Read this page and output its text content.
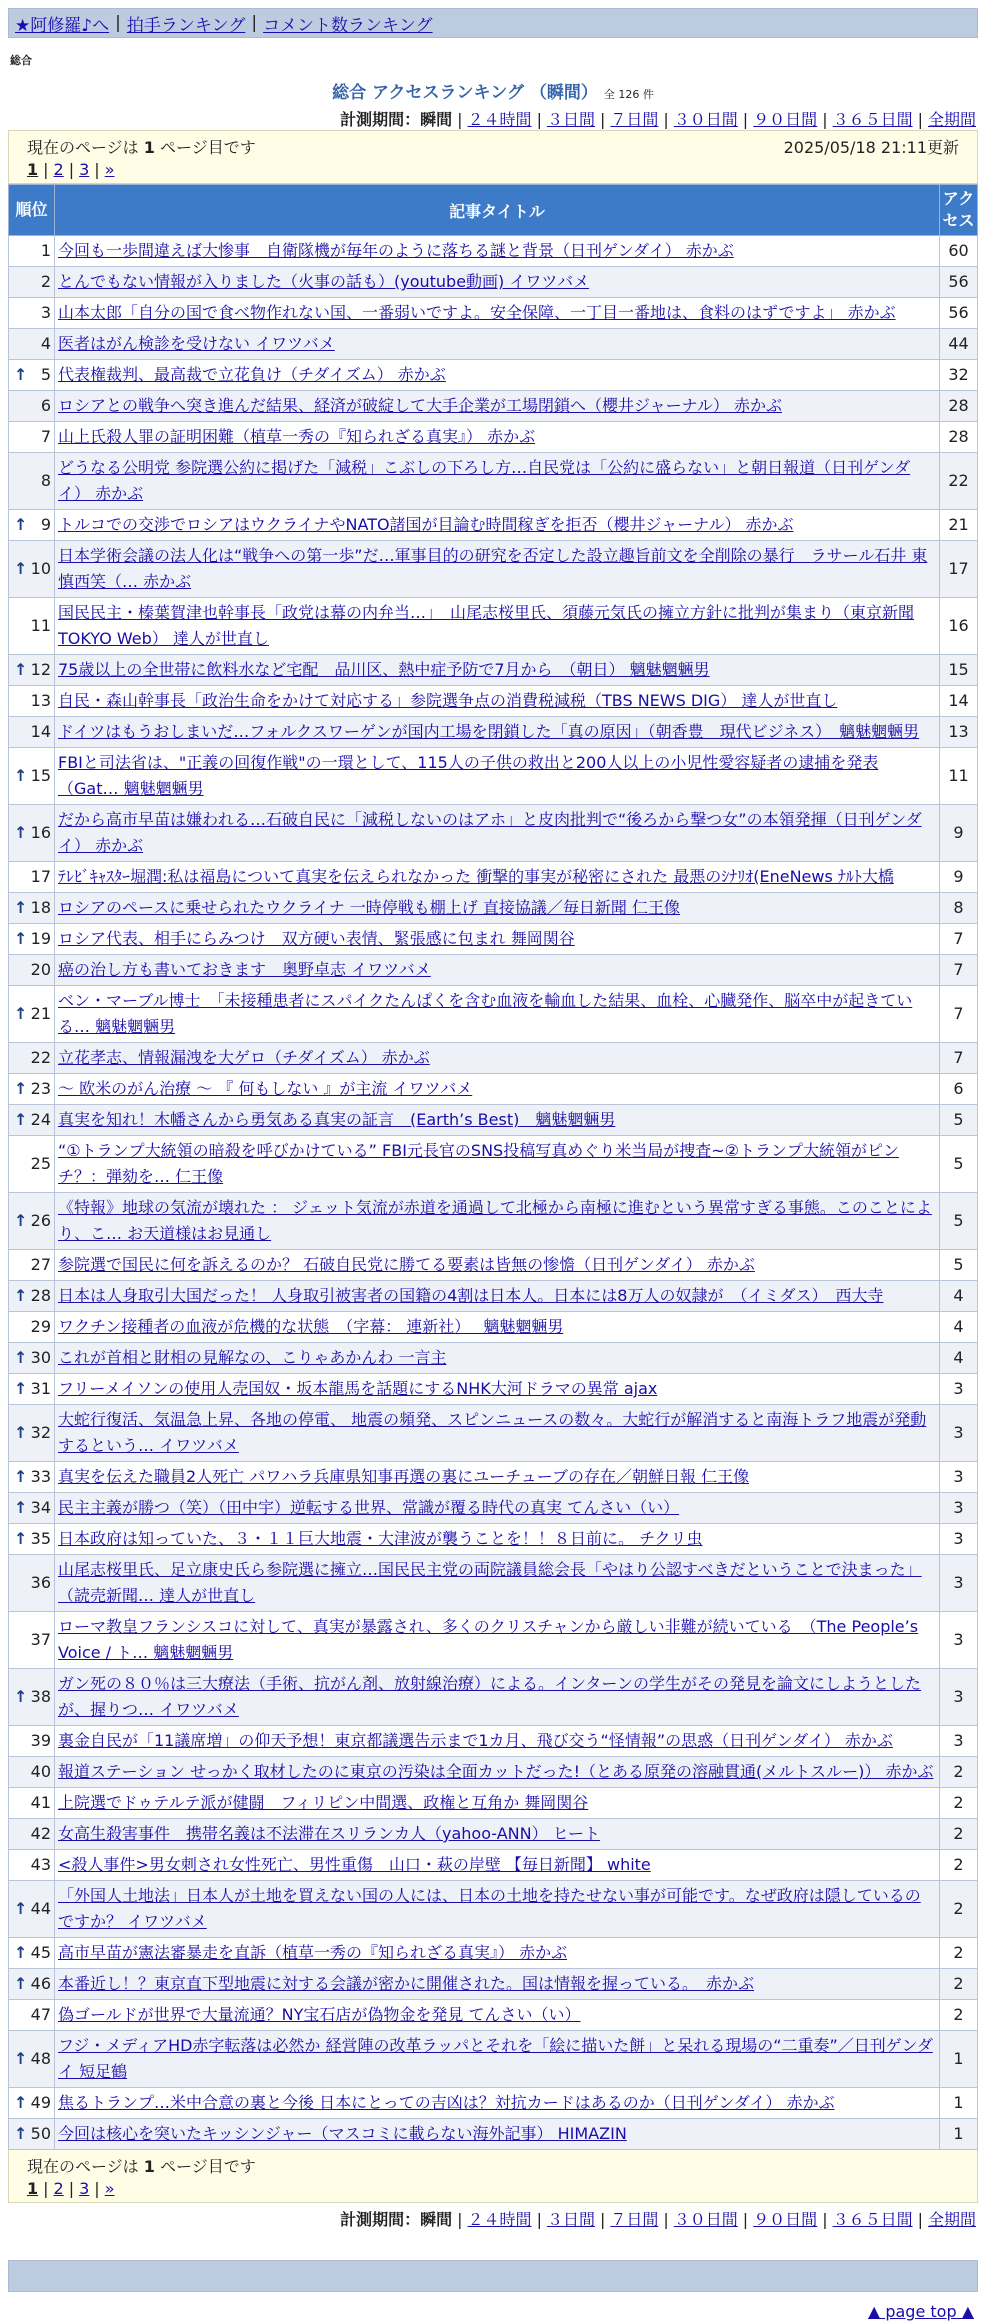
★阿修羅♪へ | 拍手ランキング | コメント数ランキング
総合
総合 アクセスランキング （瞬間） 全 126 件
計測期間：瞬間 | ２４時間 | ３日間 | ７日間 | ３０日間 | ９０日間 | ３６５日間 | 全期間
現在のページは 1 ページ目です	2025/05/18 21:11更新
1 | 2 | 3 | »
順位	記事タイトル	アクセス
1	今回も一歩間違えば大惨事　自衛隊機が毎年のように落ちる謎と背景（日刊ゲンダイ） 赤かぶ	60
2	とんでもない情報が入りました（火事の話も）(youtube動画) イワツバメ	56
3	山本太郎「自分の国で食べ物作れない国、一番弱いですよ。安全保障、一丁目一番地は、食料のはずですよ」 赤かぶ	56
4	医者はがん検診を受けない イワツバメ	44

↑ 5	代表権裁判、最高裁で立花負け（チダイズム） 赤かぶ	32
6	ロシアとの戦争へ突き進んだ結果、経済が破綻して大手企業が工場閉鎖へ（櫻井ジャーナル） 赤かぶ	28
7	山上氏殺人罪の証明困難（植草一秀の『知られざる真実』） 赤かぶ	28
8	どうなる公明党 参院選公約に掲げた「減税」こぶしの下ろし方…自民党は「公約に盛らない」と朝日報道（日刊ゲンダイ） 赤かぶ	22

↑ 9	トルコでの交渉でロシアはウクライナやNATO諸国が目論む時間稼ぎを拒否（櫻井ジャーナル） 赤かぶ	21

↑ 10	日本学術会議の法人化は“戦争への第一歩”だ…軍事目的の研究を否定した設立趣旨前文を全削除の暴行　ラサール石井 東慎西笑（… 赤かぶ	17
11	国民民主・榛葉賀津也幹事長「政党は幕の内弁当…」　山尾志桜里氏、須藤元気氏の擁立方針に批判が集まり（東京新聞TOKYO Web） 達人が世直し	16

↑ 12	75歳以上の全世帯に飲料水など宅配　品川区、熱中症予防で7月から　（朝日） 魑魅魍魎男	15
13	自民・森山幹事長「政治生命をかけて対応する」参院選争点の消費税減税（TBS NEWS DIG） 達人が世直し	14
14	ドイツはもうおしまいだ…フォルクスワーゲンが国内工場を閉鎖した「真の原因」（朝香豊　現代ビジネス）　魑魅魍魎男	13

↑ 15	FBIと司法省は、"正義の回復作戦"の一環として、115人の子供の救出と200人以上の小児性愛容疑者の逮捕を発表（Gat… 魑魅魍魎男	11

↑ 16	だから高市早苗は嫌われる…石破自民に「減税しないのはアホ」と皮肉批判で“後ろから撃つ女”の本領発揮（日刊ゲンダイ） 赤かぶ	9
17	ﾃﾚﾋﾞｷｬｽﾀｰ堀潤:私は福島について真実を伝えられなかった 衝撃的事実が秘密にされた 最悪のｼﾅﾘｵ(EneNews ﾅﾙﾄ大橋	9

↑ 18	ロシアのペースに乗せられたウクライナ 一時停戦も棚上げ 直接協議／毎日新聞 仁王像	8

↑ 19	ロシア代表、相手にらみつけ　双方硬い表情、緊張感に包まれ 舞岡関谷	7
20	癌の治し方も書いておきます　奥野卓志 イワツバメ	7

↑ 21	ベン・マーブル博士　「未接種患者にスパイクたんぱくを含む血液を輸血した結果、血栓、心臓発作、脳卒中が起きている… 魑魅魍魎男	7
22	立花孝志、情報漏洩を大ゲロ（チダイズム） 赤かぶ	7

↑ 23	～ 欧米のがん治療 ～ 『 何もしない 』が主流 イワツバメ	6

↑ 24	真実を知れ！木幡さんから勇気ある真実の証言　(Earth’s Best)　魑魅魍魎男	5
25	“①トランプ大統領の暗殺を呼びかけている” FBI元長官のSNS投稿写真めぐり米当局が捜査~②トランプ大統領がピンチ？：弾劾を… 仁王像	5

↑ 26	《特報》地球の気流が壊れた ： ジェット気流が赤道を通過して北極から南極に進むという異常すぎる事態。このことにより、こ… お天道様はお見通し	5
27	参院選で国民に何を訴えるのか？ 石破自民党に勝てる要素は皆無の惨憺（日刊ゲンダイ） 赤かぶ	5

↑ 28	日本は人身取引大国だった！ 人身取引被害者の国籍の4割は日本人。日本には8万人の奴隷が　（イミダス）　西大寺	4
29	ワクチン接種者の血液が危機的な状態　（字幕： 連新社）　 魑魅魍魎男	4

↑ 30	これが首相と財相の見解なの、こりゃあかんわ 一言主	4

↑ 31	フリーメイソンの使用人売国奴・坂本龍馬を話題にするNHK大河ドラマの異常 ajax	3

↑ 32	大蛇行復活、気温急上昇、各地の停電、 地震の頻発、スピンニュースの数々。大蛇行が解消すると南海トラフ地震が発動するという… イワツバメ	3

↑ 33	真実を伝えた職員2人死亡 パワハラ兵庫県知事再選の裏にユーチューブの存在／朝鮮日報 仁王像	3

↑ 34	民主主義が勝つ（笑）（田中宇）逆転する世界、常識が覆る時代の真実 てんさい（い）	3

↑ 35	日本政府は知っていた、３・１１巨大地震・大津波が襲うことを！！８日前に。 チクリ虫	3
36	山尾志桜里氏、足立康史氏ら参院選に擁立…国民民主党の両院議員総会長「やはり公認すべきだということで決まった」（読売新聞… 達人が世直し	3
37	ローマ教皇フランシスコに対して、真実が暴露され、多くのクリスチャンから厳しい非難が続いている　（The People’s Voice / ト… 魑魅魍魎男	3

↑ 38	ガン死の８０％は三大療法（手術、抗がん剤、放射線治療）による。インターンの学生がその発見を論文にしようとしたが、握りつ… イワツバメ	3
39	裏金自民が「11議席増」の仰天予想！東京都議選告示まで1カ月、飛び交う“怪情報”の思惑（日刊ゲンダイ） 赤かぶ	3
40	報道ステーション せっかく取材したのに東京の汚染は全面カットだった!（とある原発の溶融貫通(メルトスルー)） 赤かぶ	2
41	上院選でドゥテルテ派が健闘　フィリピン中間選、政権と互角か 舞岡関谷	2
42	女高生殺害事件　携帯名義は不法滞在スリランカ人（yahoo-ANN） ヒート	2
43	<殺人事件>男女刺され女性死亡、男性重傷　山口・萩の岸壁 【毎日新聞】 white	2

↑ 44	「外国人土地法」日本人が土地を買えない国の人には、日本の土地を持たせない事が可能です。なぜ政府は隠しているのですか？ イワツバメ	2

↑ 45	高市早苗が憲法審暴走を直訴（植草一秀の『知られざる真実』） 赤かぶ	2

↑ 46	本番近し！？東京直下型地震に対する会議が密かに開催された。国は情報を握っている。　赤かぶ	2
47	偽ゴールドが世界で大量流通？NY宝石店が偽物金を発見 てんさい（い）	2

↑ 48	フジ・メディアHD赤字転落は必然か 経営陣の改革ラッパとそれを「絵に描いた餅」と呆れる現場の“二重奏”／日刊ゲンダイ 短足鶴	1

↑ 49	焦るトランプ…米中合意の裏と今後 日本にとっての吉凶は？対抗カードはあるのか（日刊ゲンダイ） 赤かぶ	1

↑ 50	今回は核心を突いたキッシンジャー（マスコミに載らない海外記事） HIMAZIN	1
現在のページは 1 ページ目です
1 | 2 | 3 | »
計測期間：瞬間 | ２４時間 | ３日間 | ７日間 | ３０日間 | ９０日間 | ３６５日間 | 全期間
▲ page top ▲
